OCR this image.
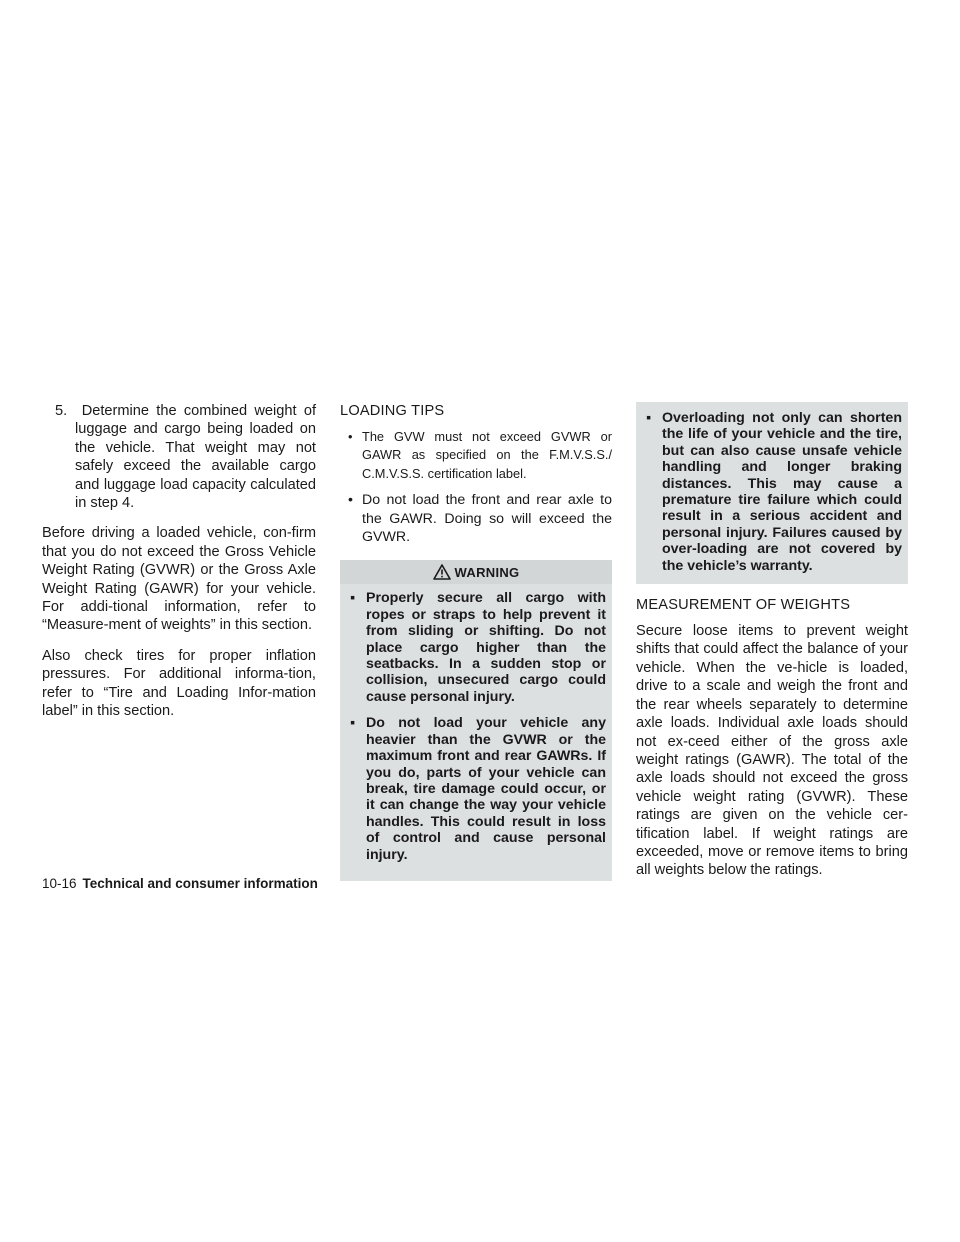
5. Determine the combined weight of luggage and cargo being loaded on the vehicle. That weight may not safely exceed the available cargo and luggage load capacity calculated in step 4.

Before driving a loaded vehicle, con-firm that you do not exceed the Gross Vehicle Weight Rating (GVWR) or the Gross Axle Weight Rating (GAWR) for your vehicle. For addi-tional information, refer to “Measure-ment of weights” in this section.

Also check tires for proper inflation pressures. For additional informa-tion, refer to “Tire and Loading Infor-mation label” in this section.

LOADING TIPS
• The GVW must not exceed GVWR or GAWR as specified on the F.M.V.S.S./ C.M.V.S.S. certification label.
• Do not load the front and rear axle to the GAWR. Doing so will exceed the GVWR.
WARNING
▪ Properly secure all cargo with ropes or straps to help prevent it from sliding or shifting. Do not place cargo higher than the seatbacks. In a sudden stop or collision, unsecured cargo could cause personal injury.
▪ Do not load your vehicle any heavier than the GVWR or the maximum front and rear GAWRs. If you do, parts of your vehicle can break, tire damage could occur, or it can change the way your vehicle handles. This could result in loss of control and cause personal injury.
▪ Overloading not only can shorten the life of your vehicle and the tire, but can also cause unsafe vehicle handling and longer braking distances. This may cause a premature tire failure which could result in a serious accident and personal injury. Failures caused by over-loading are not covered by the vehicle’s warranty.
MEASUREMENT OF WEIGHTS

Secure loose items to prevent weight shifts that could affect the balance of your vehicle. When the ve-hicle is loaded, drive to a scale and weigh the front and the rear wheels separately to determine axle loads. Individual axle loads should not ex-ceed either of the gross axle weight ratings (GAWR). The total of the axle loads should not exceed the gross vehicle weight rating (GVWR). These ratings are given on the vehicle cer-tification label. If weight ratings are exceeded, move or remove items to bring all weights below the ratings.

10-16 Technical and consumer information
